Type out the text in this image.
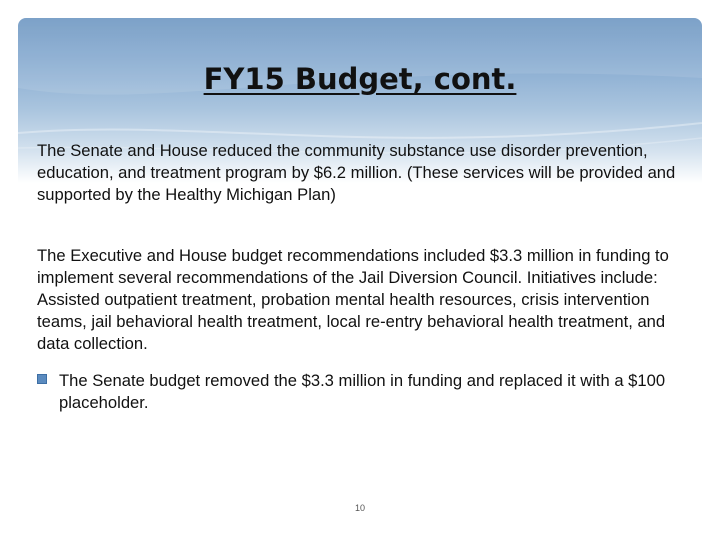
FY15 Budget, cont.

The Senate and House reduced the community substance use disorder prevention, education, and treatment program by $6.2 million. (These services will be provided and supported by the Healthy Michigan Plan)

The Executive and House budget recommendations included $3.3 million in funding to implement several recommendations of the Jail Diversion Council. Initiatives include: Assisted outpatient treatment, probation mental health resources, crisis intervention teams, jail behavioral health treatment, local re-entry behavioral health treatment, and data collection.

The Senate budget removed the $3.3 million in funding and replaced it with a $100 placeholder.
10
